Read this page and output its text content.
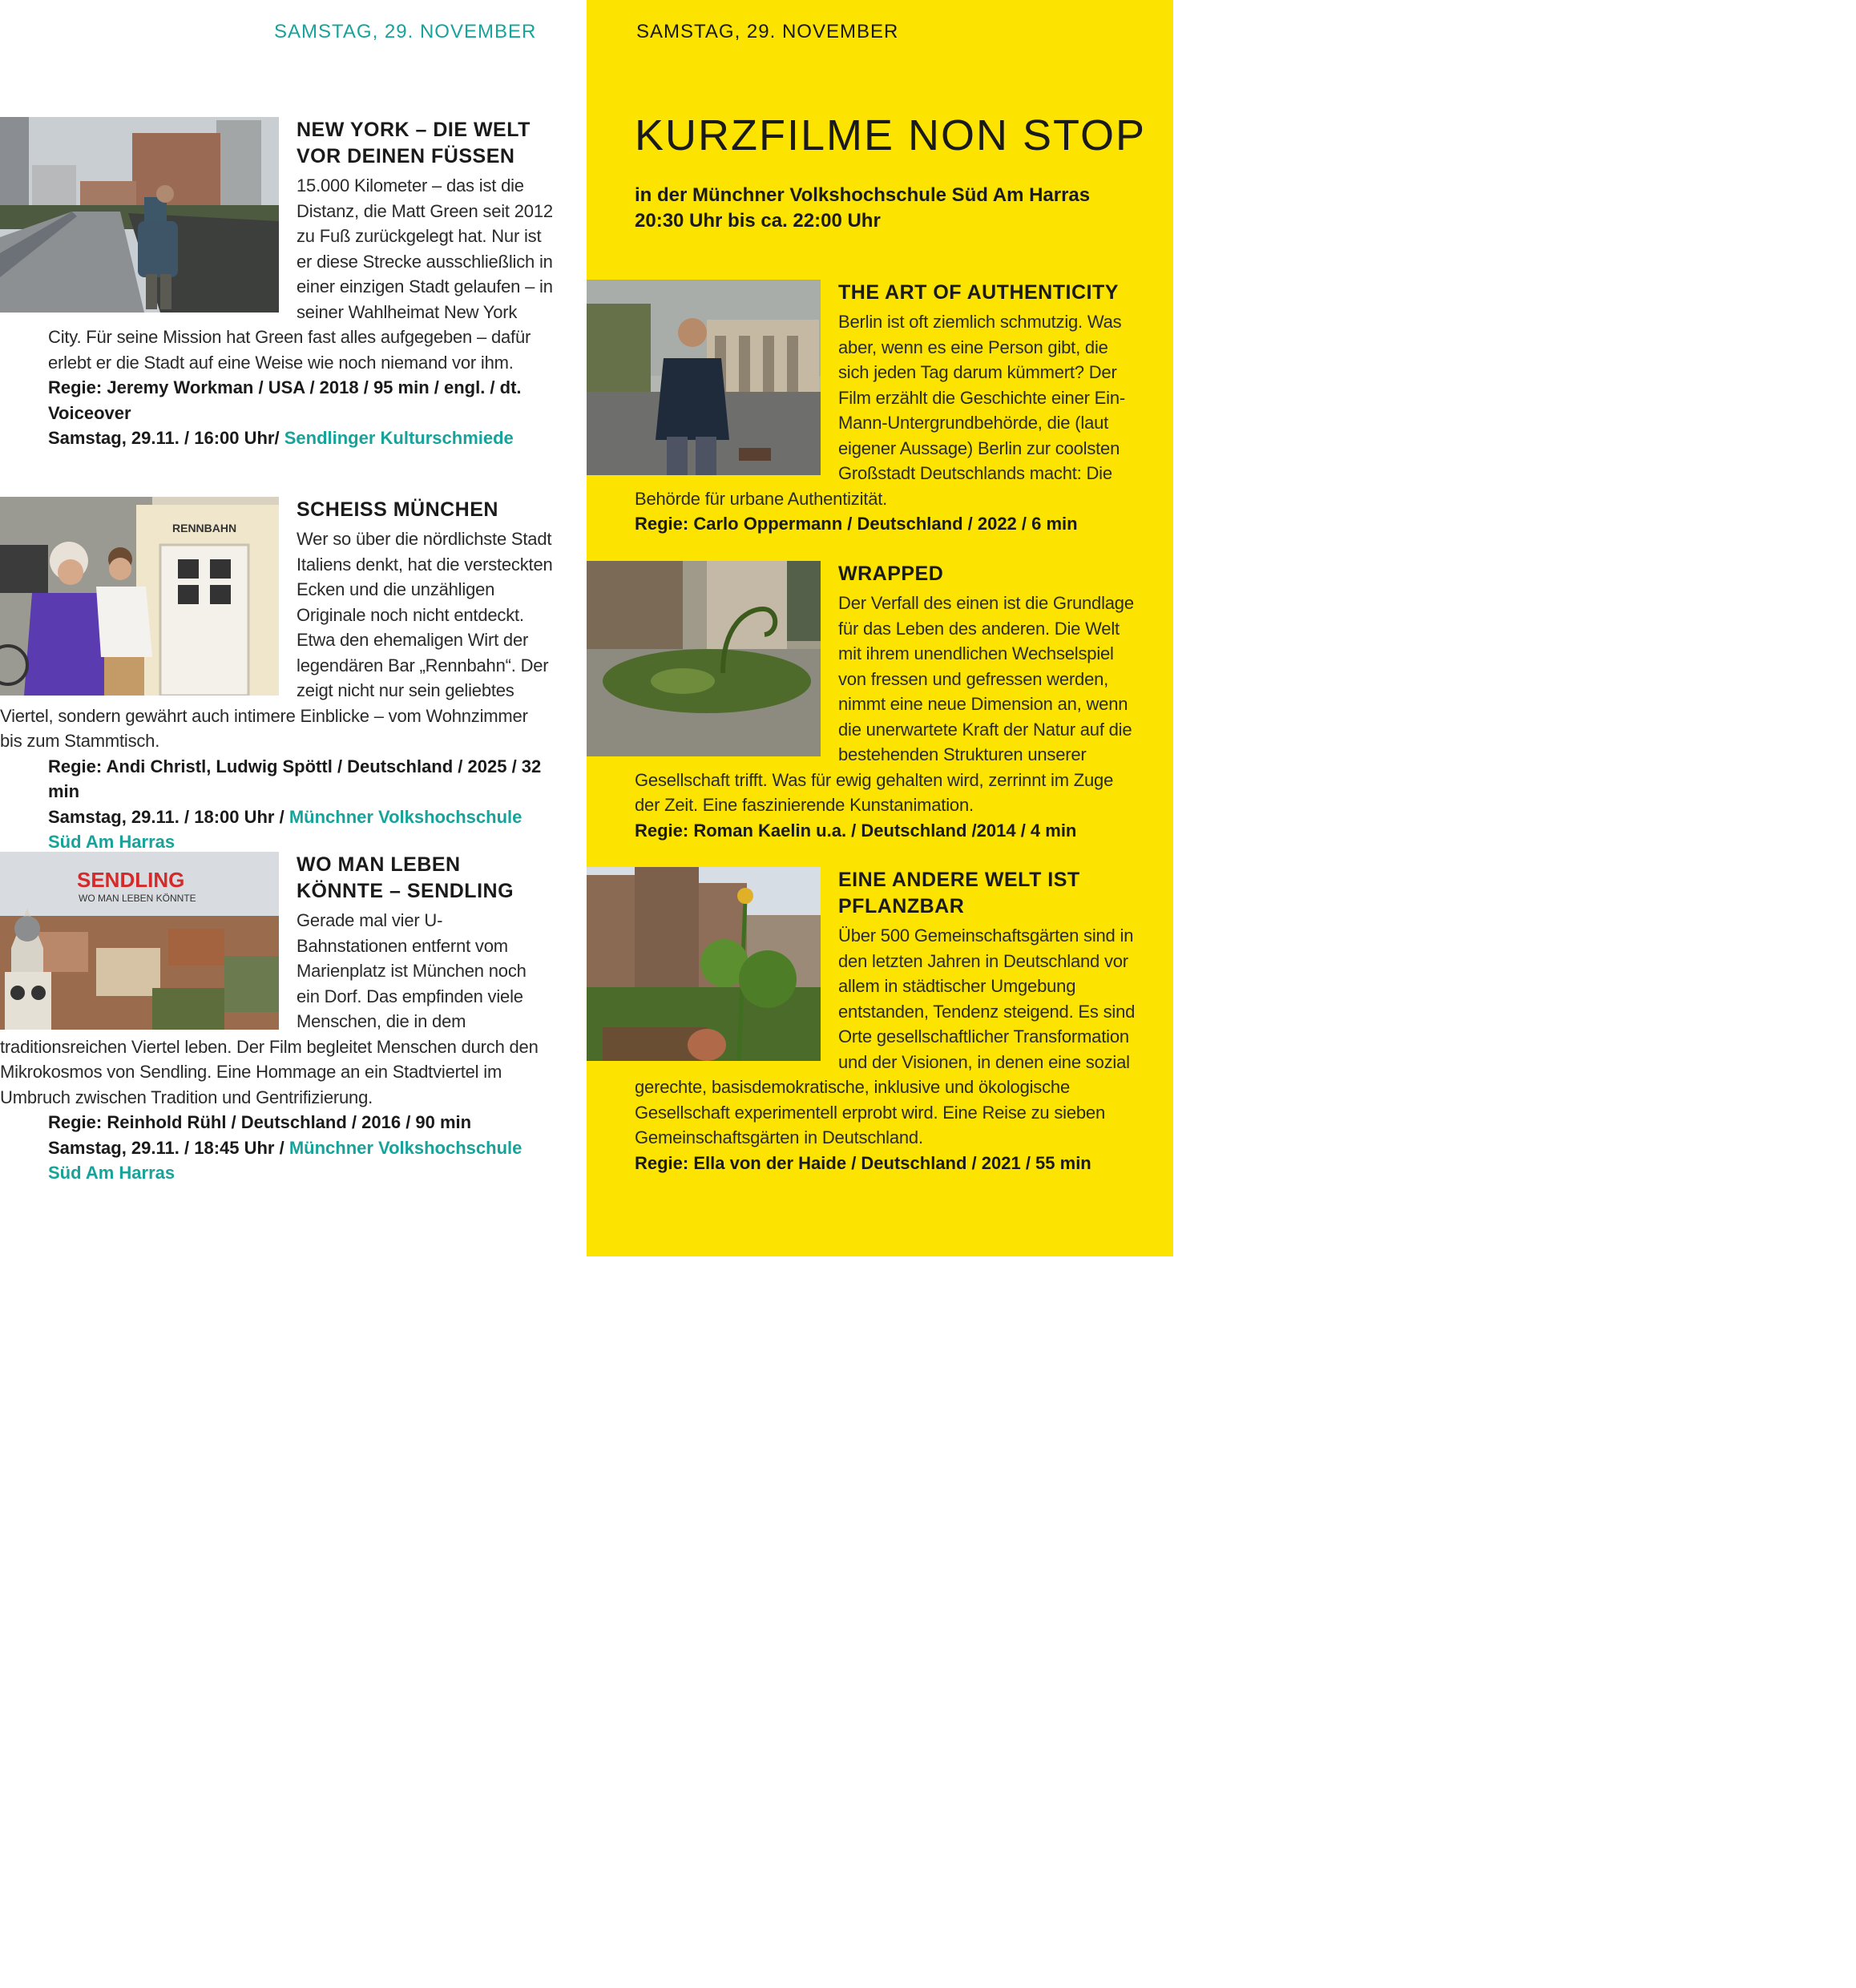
SAMSTAG, 29. NOVEMBER
NEW YORK – DIE WELT
VOR DEINEN FÜSSEN

15.000 Kilometer – das ist die Distanz, die Matt Green seit 2012 zu Fuß zurückgelegt hat. Nur ist er diese Strecke ausschließlich in einer einzigen Stadt gelaufen – in seiner Wahlheimat New York City. Für seine Mission hat Green fast alles aufgegeben – dafür erlebt er die Stadt auf eine Weise wie noch niemand vor ihm.

Regie: Jeremy Workman / USA / 2018 / 95 min / engl. / dt. Voiceover

Samstag, 29.11. / 16:00 Uhr/ Sendlinger Kulturschmiede

RENNBAHN
SCHEISS MÜNCHEN

Wer so über die nördlichste Stadt Italiens denkt, hat die versteckten Ecken und die unzähligen Originale noch nicht entdeckt. Etwa den ehemaligen Wirt der legendären Bar „Rennbahn“. Der zeigt nicht nur sein geliebtes Viertel, sondern gewährt auch intimere Einblicke – vom Wohnzimmer bis zum Stammtisch.

Regie: Andi Christl, Ludwig Spöttl / Deutschland / 2025 / 32 min

Samstag, 29.11. / 18:00 Uhr / Münchner Volkshochschule Süd Am Harras

SENDLING
WO MAN LEBEN KÖNNTE
WO MAN LEBEN
KÖNNTE – SENDLING

Gerade mal vier U-Bahnstationen entfernt vom Marienplatz ist München noch ein Dorf. Das empfinden viele Menschen, die in dem traditionsreichen Viertel leben. Der Film begleitet Menschen durch den Mikrokosmos von Sendling. Eine Hommage an ein Stadtviertel im Umbruch zwischen Tradition und Gentrifizierung.

Regie: Reinhold Rühl / Deutschland / 2016 / 90 min

Samstag, 29.11. / 18:45 Uhr / Münchner Volkshochschule Süd Am Harras

SAMSTAG, 29. NOVEMBER
KURZFILME NON STOP
in der Münchner Volkshochschule Süd Am Harras
20:30 Uhr bis ca. 22:00 Uhr
THE ART OF AUTHENTICITY

Berlin ist oft ziemlich schmutzig. Was aber, wenn es eine Person gibt, die sich jeden Tag darum kümmert? Der Film erzählt die Geschichte einer Ein-Mann-Untergrundbehörde, die (laut eigener Aussage) Berlin zur coolsten Großstadt Deutschlands macht: Die Behörde für urbane Authentizität.

Regie: Carlo Oppermann / Deutschland / 2022 / 6 min

WRAPPED

Der Verfall des einen ist die Grundlage für das Leben des anderen. Die Welt mit ihrem unendlichen Wechselspiel von fressen und gefressen werden, nimmt eine neue Dimension an, wenn die unerwartete Kraft der Natur auf die bestehenden Strukturen unserer Gesellschaft trifft. Was für ewig gehalten wird, zerrinnt im Zuge der Zeit. Eine faszinierende Kunstanimation.

Regie: Roman Kaelin u.a. / Deutschland /2014 / 4 min

EINE ANDERE WELT IST
PFLANZBAR

Über 500 Gemeinschaftsgärten sind in den letzten Jahren in Deutschland vor allem in städtischer Umgebung entstanden, Tendenz steigend. Es sind Orte gesellschaftlicher Transformation und der Visionen, in denen eine sozial gerechte, basisdemokratische, inklusive und ökologische Gesellschaft experimentell erprobt wird. Eine Reise zu sieben Gemeinschaftsgärten in Deutschland.

Regie: Ella von der Haide / Deutschland / 2021 / 55 min
